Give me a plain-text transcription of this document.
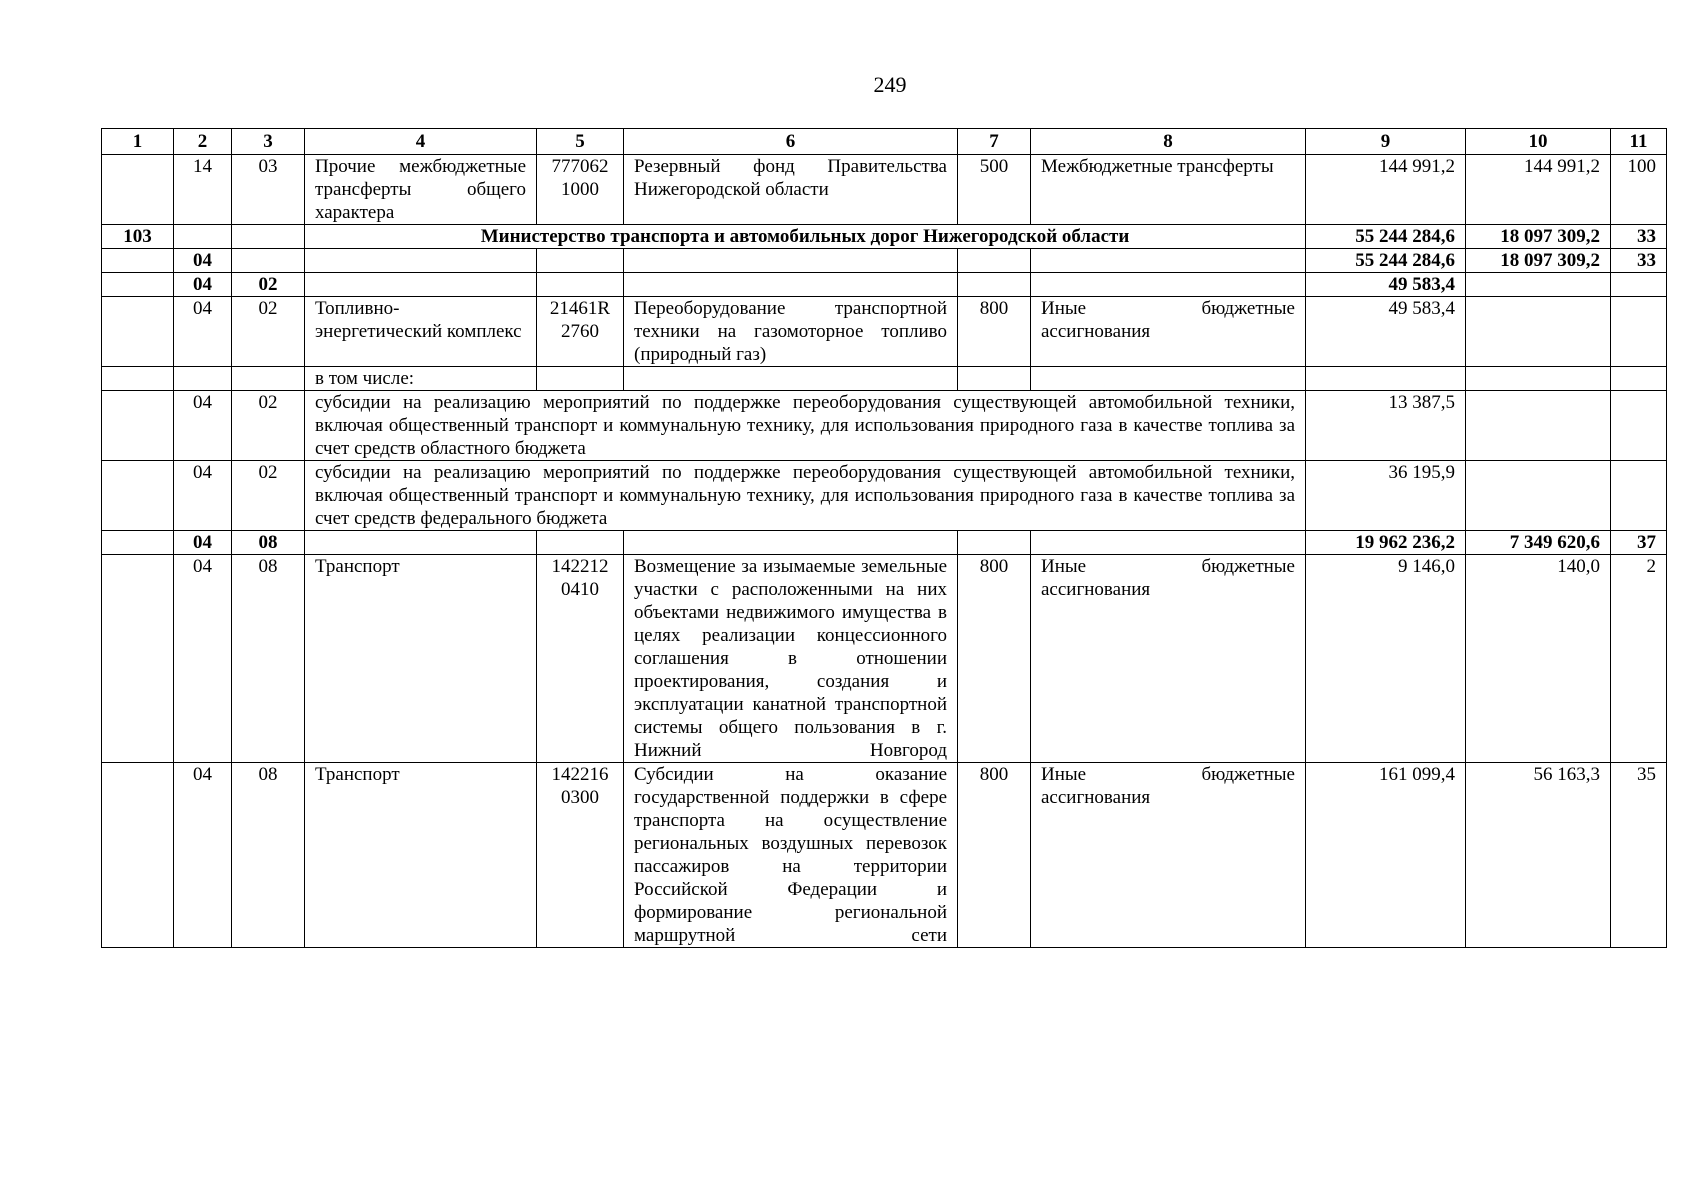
249
1	2	3	4	5	6	7	8	9	10	11
	14	03	Прочие межбюджетные трансферты общего характера	7770621000	Резервный фонд Правительства Нижегородской области	500	Межбюджетные трансферты	144 991,2	144 991,2	100
103			Министерство транспорта и автомобильных дорог Нижегородской области					55 244 284,6	18 097 309,2	33
	04							55 244 284,6	18 097 309,2	33
	04	02						49 583,4		
	04	02	Топливно-энергетический комплекс	21461R2760	Переоборудование транспортной техники на газомоторное топливо (природный газ)	800	Иные бюджетные ассигнования	49 583,4		
			в том числе:							
	04	02	субсидии на реализацию мероприятий по поддержке переоборудования существующей автомобильной техники, включая общественный транспорт и коммунальную технику, для использования природного газа в качестве топлива за счет средств областного бюджета					13 387,5		
	04	02	субсидии на реализацию мероприятий по поддержке переоборудования существующей автомобильной техники, включая общественный транспорт и коммунальную технику, для использования природного газа в качестве топлива за счет средств федерального бюджета					36 195,9		
	04	08						19 962 236,2	7 349 620,6	37
	04	08	Транспорт	1422120410	Возмещение за изымаемые земельные участки с расположенными на них объектами недвижимого имущества в целях реализации концессионного соглашения в отношении проектирования, создания и эксплуатации канатной транспортной системы общего пользования в г. Нижний Новгород	800	Иные бюджетные ассигнования	9 146,0	140,0	2
	04	08	Транспорт	1422160300	Субсидии на оказание государственной поддержки в сфере транспорта на осуществление региональных воздушных перевозок пассажиров на территории Российской Федерации и формирование региональной маршрутной сети	800	Иные бюджетные ассигнования	161 099,4	56 163,3	35
